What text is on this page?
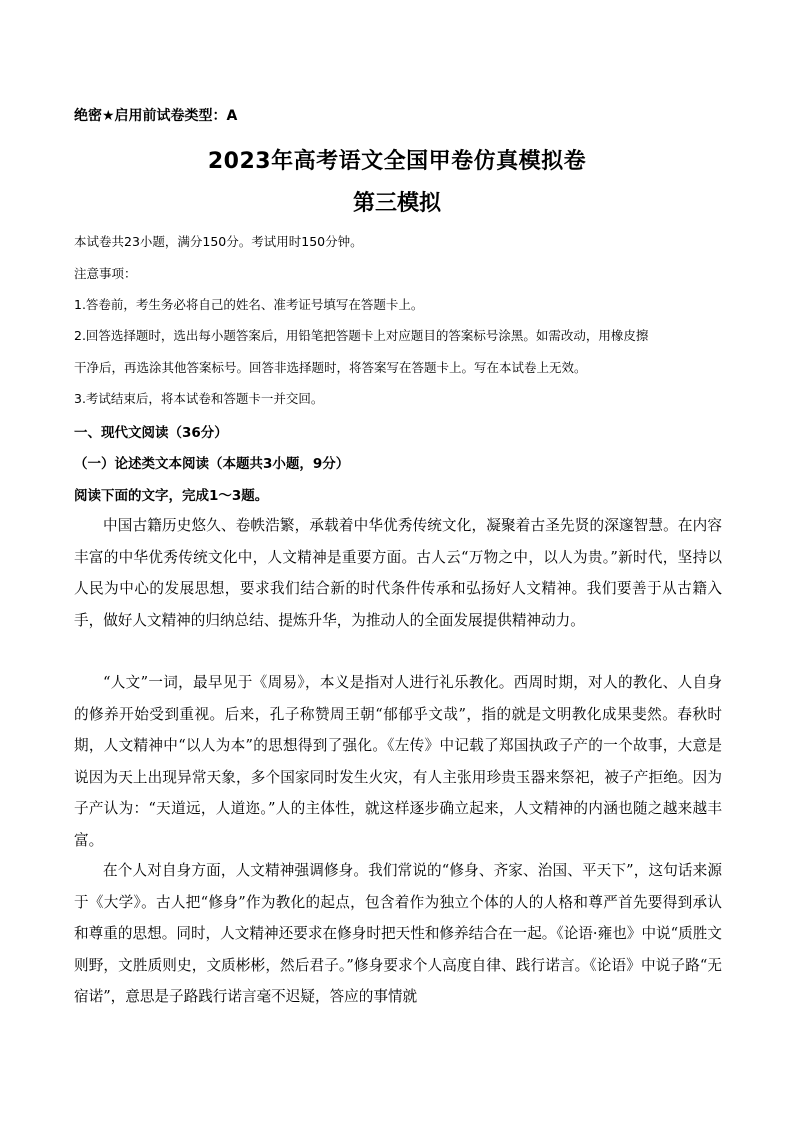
绝密★启用前试卷类型：A
2023年高考语文全国甲卷仿真模拟卷
第三模拟
本试卷共23小题，满分150分。考试用时150分钟。
注意事项：
1.答卷前，考生务必将自己的姓名、准考证号填写在答题卡上。
2.回答选择题时，选出每小题答案后，用铅笔把答题卡上对应题目的答案标号涂黑。如需改动，用橡皮擦
干净后，再选涂其他答案标号。回答非选择题时，将答案写在答题卡上。写在本试卷上无效。
3.考试结束后，将本试卷和答题卡一并交回。
一、现代文阅读（36分）
（一）论述类文本阅读（本题共3小题，9分）
阅读下面的文字，完成1～3题。

中国古籍历史悠久、卷帙浩繁，承载着中华优秀传统文化，凝聚着古圣先贤的深邃智慧。在内容丰富的中华优秀传统文化中，人文精神是重要方面。古人云“万物之中，以人为贵。”新时代，坚持以人民为中心的发展思想，要求我们结合新的时代条件传承和弘扬好人文精神。我们要善于从古籍入手，做好人文精神的归纳总结、提炼升华，为推动人的全面发展提供精神动力。

“人文”一词，最早见于《周易》，本义是指对人进行礼乐教化。西周时期，对人的教化、人自身的修养开始受到重视。后来，孔子称赞周王朝“郁郁乎文哉”，指的就是文明教化成果斐然。春秋时期，人文精神中“以人为本”的思想得到了强化。《左传》中记载了郑国执政子产的一个故事，大意是说因为天上出现异常天象，多个国家同时发生火灾，有人主张用珍贵玉器来祭祀，被子产拒绝。因为子产认为：“天道远，人道迩。”人的主体性，就这样逐步确立起来，人文精神的内涵也随之越来越丰富。

在个人对自身方面，人文精神强调修身。我们常说的“修身、齐家、治国、平天下”，这句话来源于《大学》。古人把“修身”作为教化的起点，包含着作为独立个体的人的人格和尊严首先要得到承认和尊重的思想。同时，人文精神还要求在修身时把天性和修养结合在一起。《论语·雍也》中说“质胜文则野，文胜质则史，文质彬彬，然后君子。”修身要求个人高度自律、践行诺言。《论语》中说子路“无宿诺”，意思是子路践行诺言毫不迟疑，答应的事情就
